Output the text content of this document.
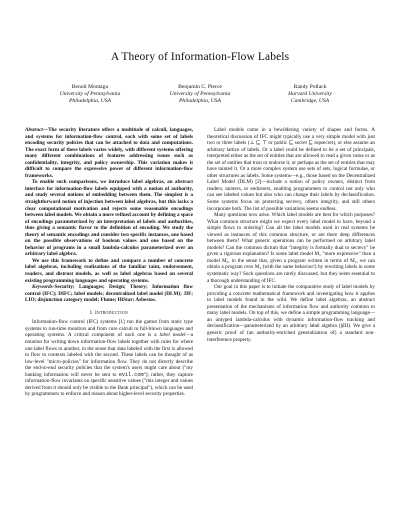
A Theory of Information-Flow Labels
Benoît Montagu
University of Pennsylvania
Philadelphia, USA
Benjamin C. Pierce
University of Pennsylvania
Philadelphia, USA
Randy Pollack
Harvard University
Cambridge, USA

Abstract—The security literature offers a multitude of calculi, languages, and systems for information-flow control, each with some set of labels encoding security policies that can be attached to data and computations. The exact form of these labels varies widely, with different systems offering many different combinations of features addressing issues such as confidentiality, integrity, and policy ownership. This variation makes it difficult to compare the expressive power of different information-flow frameworks.

To enable such comparisons, we introduce label algebras, an abstract interface for information-flow labels equipped with a notion of authority, and study several notions of embedding between them. The simplest is a straightforward notion of injection between label algebras, but this lacks a clear computational motivation and rejects some reasonable encodings between label models. We obtain a more refined account by defining a space of encodings parameterized by an interpretation of labels and authorities, thus giving a semantic flavor to the definition of encoding. We study the theory of semantic encodings and consider two specific instances, one based on the possible observations of boolean values and one based on the behavior of programs in a small lambda-calculus parameterized over an arbitrary label algebra.

We use this framework to define and compare a number of concrete label algebras, including realizations of the familiar taint, endorsement, readers, and distrust models, as well as label algebras based on several existing programming languages and operating systems.

Keywords-Security; Languages; Design; Theory; Information flow control (IFC); DIFC; label models; decentralized label model (DLM); JIF; LIO; disjunction category model; Flume; HiStar; Asbestos.

I. Introduction

Information-flow control (IFC) systems [1] run the gamut from static type systems to run-time monitors and from core calculi to full-blown languages and operating systems. A critical component of each one is a label model—a notation for writing down information-flow labels together with rules for where one label flows to another, in the sense that data labeled with the first is allowed to flow to contexts labeled with the second. These labels can be thought of as low-level "micro-policies" for information flow. They do not directly describe the end-to-end security policies that the system's users might care about ("my banking information will never be sent to evil.com"); rather, they capture information-flow invariants on specific sensitive values ("this integer and values derived from it should only be visible to the Bank principal"), which can be used by programmers to enforce and reason about higher-level security properties.

Label models come in a bewildering variety of shapes and forms. A theoretical discussion of IFC might typically use a very simple model with just two or three labels (⊥ ⊑ ⊤ or public ⊑ secret ⊑ topsecret), or else assume an arbitrary lattice of labels. Or a label could be defined to be a set of principals, interpreted either as the set of entities that are allowed to read a given value or as the set of entities that trust or endorse it, or perhaps as the set of entities that may have tainted it. Or a more complex system use sets of sets, logical formulae, or other structures as labels. Some systems—e.g., those based on the Decentralized Label Model (DLM) [2]—include a notion of policy owners, distinct from readers, tainters, or endorsers, enabling programmers to control not only who can see labeled values but also who can change their labels by declassification. Some systems focus on protecting secrecy, others integrity, and still others incorporate both. The list of possible variations seems endless.

Many questions now arise. Which label models are best for which purposes? What common structure might we expect every label model to have, beyond a simple flows to ordering? Can all the label models used in real systems be viewed as instances of this common structure, or are there deep differences between them? What generic operations can be performed on arbitrary label models? Can the common dictum that "integrity is formally dual to secrecy" be given a rigorous explanation? Is some label model M₁ "more expressive" than a model M₂, in the sense that, given a program written in terms of M₁, we can obtain a program over M₂ (with the same behavior!) by rewriting labels in some systematic way? Such questions are rarely discussed, but they seem essential to a thorough understanding of IFC.

Our goal in this paper is to initiate the comparative study of label models by providing a concrete mathematical framework and investigating how it applies to label models found in the wild. We define label algebras, an abstract presentation of the mechanisms of information flow and authority common to many label models. On top of this, we define a simple programming language—an untyped lambda-calculus with dynamic information-flow tracking and declassification—parameterized by an arbitrary label algebra (§III). We give a generic proof of (an authority-enriched generalization of) a standard non-interference property.
